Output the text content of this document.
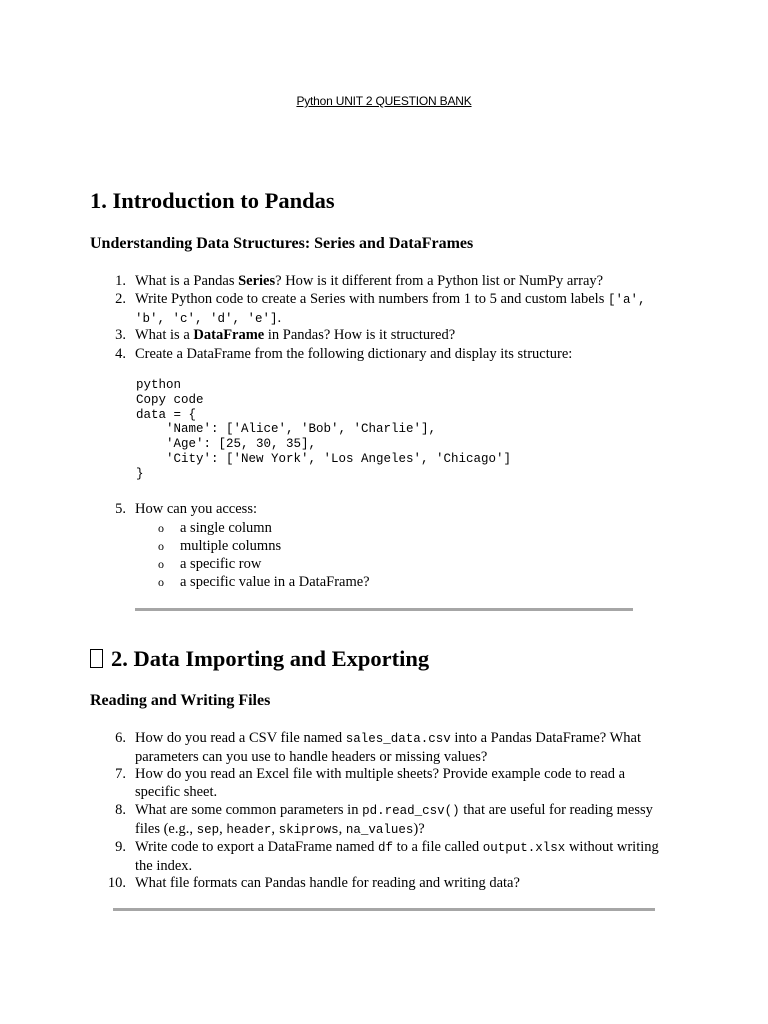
Python UNIT 2 QUESTION BANK

1. Introduction to Pandas
Understanding Data Structures: Series and DataFrames
1. What is a Pandas Series? How is it different from a Python list or NumPy array?
2. Write Python code to create a Series with numbers from 1 to 5 and custom labels ['a',
'b', 'c', 'd', 'e'].
3. What is a DataFrame in Pandas? How is it structured?
4. Create a DataFrame from the following dictionary and display its structure:
python
Copy code
data = {
'Name': ['Alice', 'Bob', 'Charlie'],
'Age': [25, 30, 35],
'City': ['New York', 'Los Angeles', 'Chicago']
}
5. How can you access:
o a single column
o multiple columns
o a specific row
o a specific value in a DataFrame?
2. Data Importing and Exporting
Reading and Writing Files
6. How do you read a CSV file named sales_data.csv into a Pandas DataFrame? What
parameters can you use to handle headers or missing values?
7. How do you read an Excel file with multiple sheets? Provide example code to read a
specific sheet.
8. What are some common parameters in pd.read_csv() that are useful for reading messy
files (e.g., sep, header, skiprows, na_values)?
9. Write code to export a DataFrame named df to a file called output.xlsx without writing
the index.
10. What file formats can Pandas handle for reading and writing data?
